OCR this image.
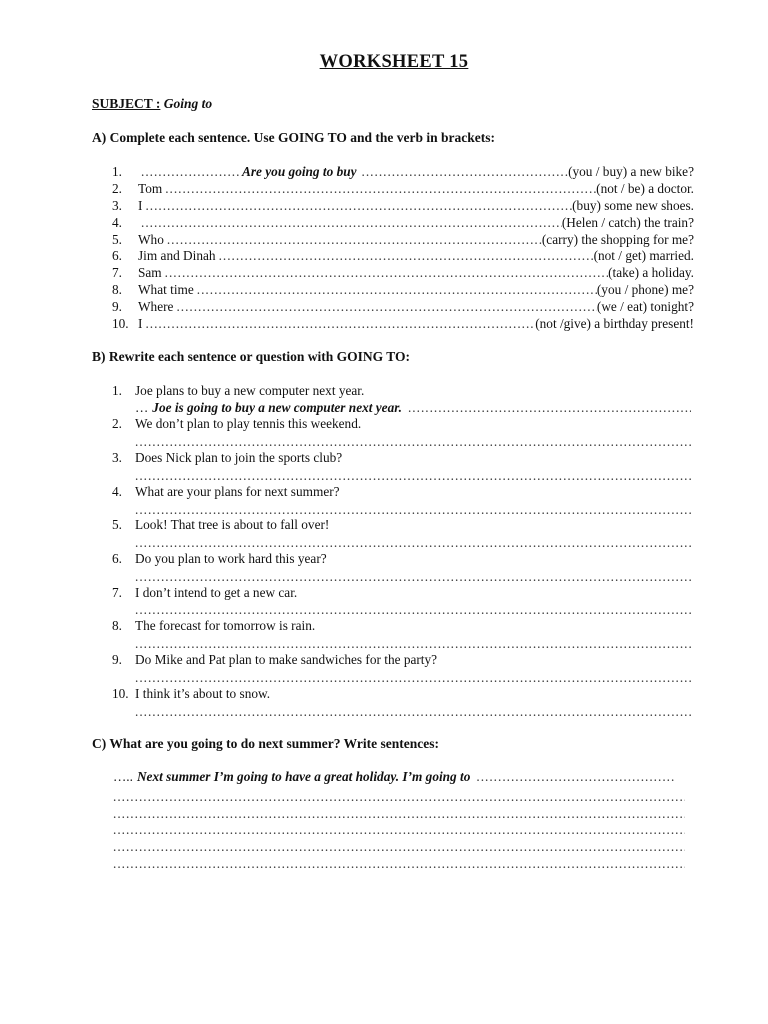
WORKSHEET 15
SUBJECT : Going to
A) Complete each sentence. Use GOING TO and the verb in brackets:
1. .....	Are you going to buy .....	(you / buy) a new bike?
2.	Tom .....	(not / be) a doctor.
3.	I .....	(buy) some new shoes.
4. .....	(Helen / catch) the train?
5.	Who .....	(carry) the shopping for me?
6.	Jim and Dinah .....	(not / get) married.
7.	Sam .....	(take) a holiday.
8.	What time .....	(you / phone) me?
9.	Where .....	(we / eat) tonight?
10. I .....	(not /give) a birthday present!
B) Rewrite each sentence or question with GOING TO:
1. Joe plans to buy a new computer next year.
… Joe is going to buy a new computer next year.
.....
2. We don’t plan to play tennis this weekend.
.....
3. Does Nick plan to join the sports club?
.....
4. What are your plans for next summer?
.....
5. Look! That tree is about to fall over!
.....
6. Do you plan to work hard this year?
.....
7. I don’t intend to get a new car.
.....
8. The forecast for tomorrow is rain.
.....
9. Do Mike and Pat plan to make sandwiches for the party?
.....
10. I think it’s about to snow.
.....
C) What are you going to do next summer? Write sentences:
….. Next summer I’m going to have a great holiday. I’m going to
.....
.....
.....
.....
.....
.....
